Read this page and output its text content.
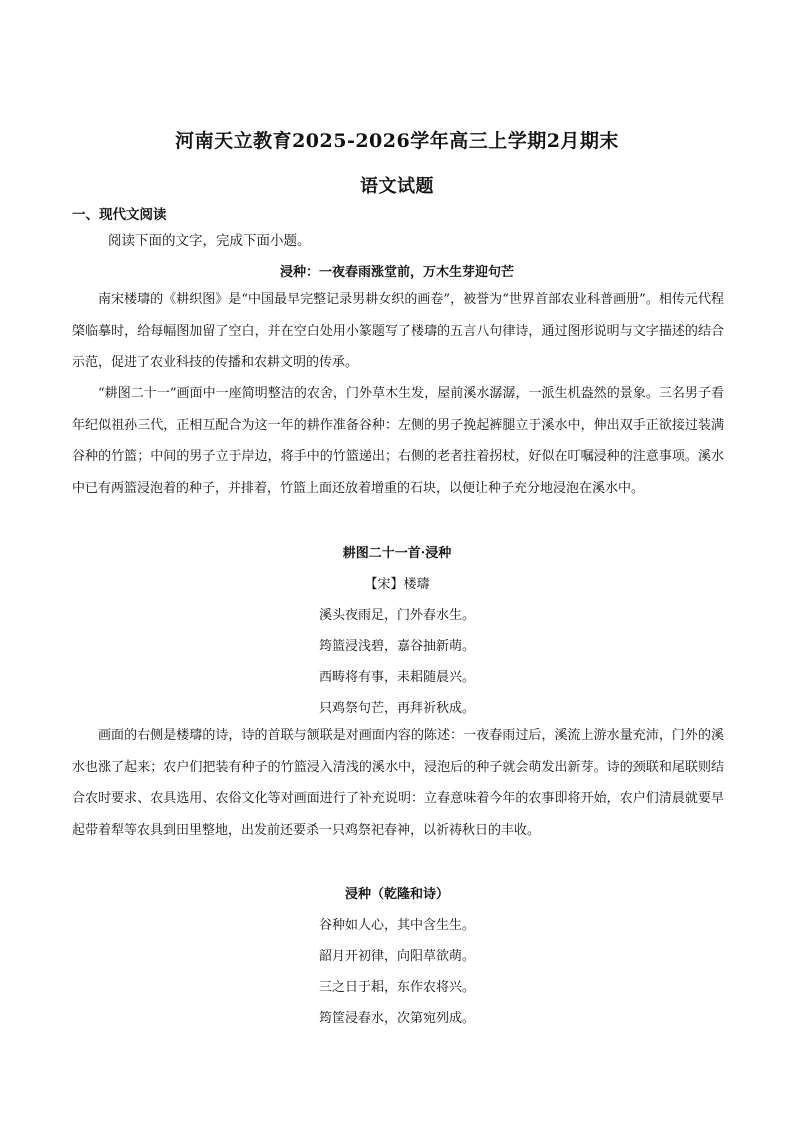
河南天立教育2025-2026学年高三上学期2月期末
语文试题
一、现代文阅读
阅读下面的文字，完成下面小题。
浸种：一夜春雨涨堂前，万木生芽迎句芒
南宋楼璹的《耕织图》是“中国最早完整记录男耕女织的画卷”，被誉为“世界首部农业科普画册”。相传元代程棨临摹时，给每幅图加留了空白，并在空白处用小篆题写了楼璹的五言八句律诗，通过图形说明与文字描述的结合示范，促进了农业科技的传播和农耕文明的传承。
“耕图二十一”画面中一座简明整洁的农舍，门外草木生发，屋前溪水潺潺，一派生机盎然的景象。三名男子看年纪似祖孙三代，正相互配合为这一年的耕作准备谷种：左侧的男子挽起裤腿立于溪水中，伸出双手正欲接过装满谷种的竹篮；中间的男子立于岸边，将手中的竹篮递出；右侧的老者拄着拐杖，好似在叮嘱浸种的注意事项。溪水中已有两篮浸泡着的种子，并排着，竹篮上面还放着增重的石块，以便让种子充分地浸泡在溪水中。
耕图二十一首·浸种
【宋】楼璹
溪头夜雨足，门外春水生。
筠篮浸浅碧，嘉谷抽新萌。
西畴将有事，耒耜随晨兴。
只鸡祭句芒，再拜祈秋成。
画面的右侧是楼璹的诗，诗的首联与颔联是对画面内容的陈述：一夜春雨过后，溪流上游水量充沛，门外的溪水也涨了起来；农户们把装有种子的竹篮浸入清浅的溪水中，浸泡后的种子就会萌发出新芽。诗的颈联和尾联则结合农时要求、农具选用、农俗文化等对画面进行了补充说明：立春意味着今年的农事即将开始，农户们清晨就要早起带着犁等农具到田里整地，出发前还要杀一只鸡祭祀春神，以祈祷秋日的丰收。
浸种（乾隆和诗）
谷种如人心，其中含生生。
韶月开初律，向阳草欲萌。
三之日于耜，东作农将兴。
筠筐浸春水，次第宛列成。
